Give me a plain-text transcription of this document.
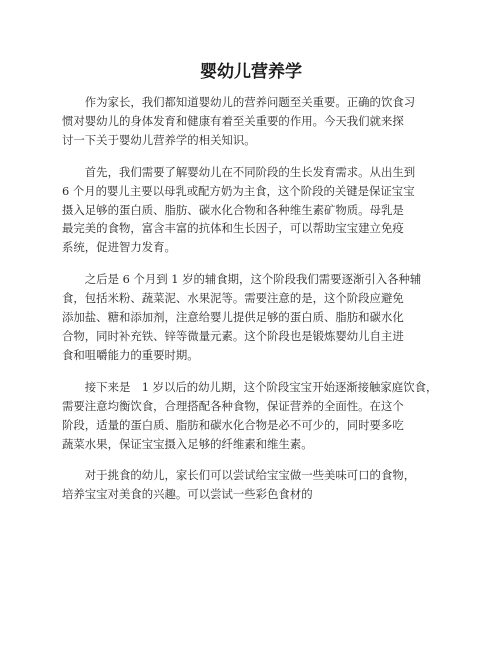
婴幼儿营养学

　　作为家长，我们都知道婴幼儿的营养问题至关重要。正确的饮食习
惯对婴幼儿的身体发育和健康有着至关重要的作用。今天我们就来探
讨一下关于婴幼儿营养学的相关知识。

　　首先，我们需要了解婴幼儿在不同阶段的生长发育需求。从出生到
6 个月的婴儿主要以母乳或配方奶为主食，这个阶段的关键是保证宝宝
摄入足够的蛋白质、脂肪、碳水化合物和各种维生素矿物质。母乳是
最完美的食物，富含丰富的抗体和生长因子，可以帮助宝宝建立免疫
系统，促进智力发育。

　　之后是 6 个月到 1 岁的辅食期，这个阶段我们需要逐渐引入各种辅
食，包括米粉、蔬菜泥、水果泥等。需要注意的是，这个阶段应避免
添加盐、糖和添加剂，注意给婴儿提供足够的蛋白质、脂肪和碳水化
合物，同时补充铁、锌等微量元素。这个阶段也是锻炼婴幼儿自主进
食和咀嚼能力的重要时期。

　　接下来是　1 岁以后的幼儿期，这个阶段宝宝开始逐渐接触家庭饮食，
需要注意均衡饮食，合理搭配各种食物，保证营养的全面性。在这个
阶段，适量的蛋白质、脂肪和碳水化合物是必不可少的，同时要多吃
蔬菜水果，保证宝宝摄入足够的纤维素和维生素。

　　对于挑食的幼儿，家长们可以尝试给宝宝做一些美味可口的食物，
培养宝宝对美食的兴趣。可以尝试一些彩色食材的
